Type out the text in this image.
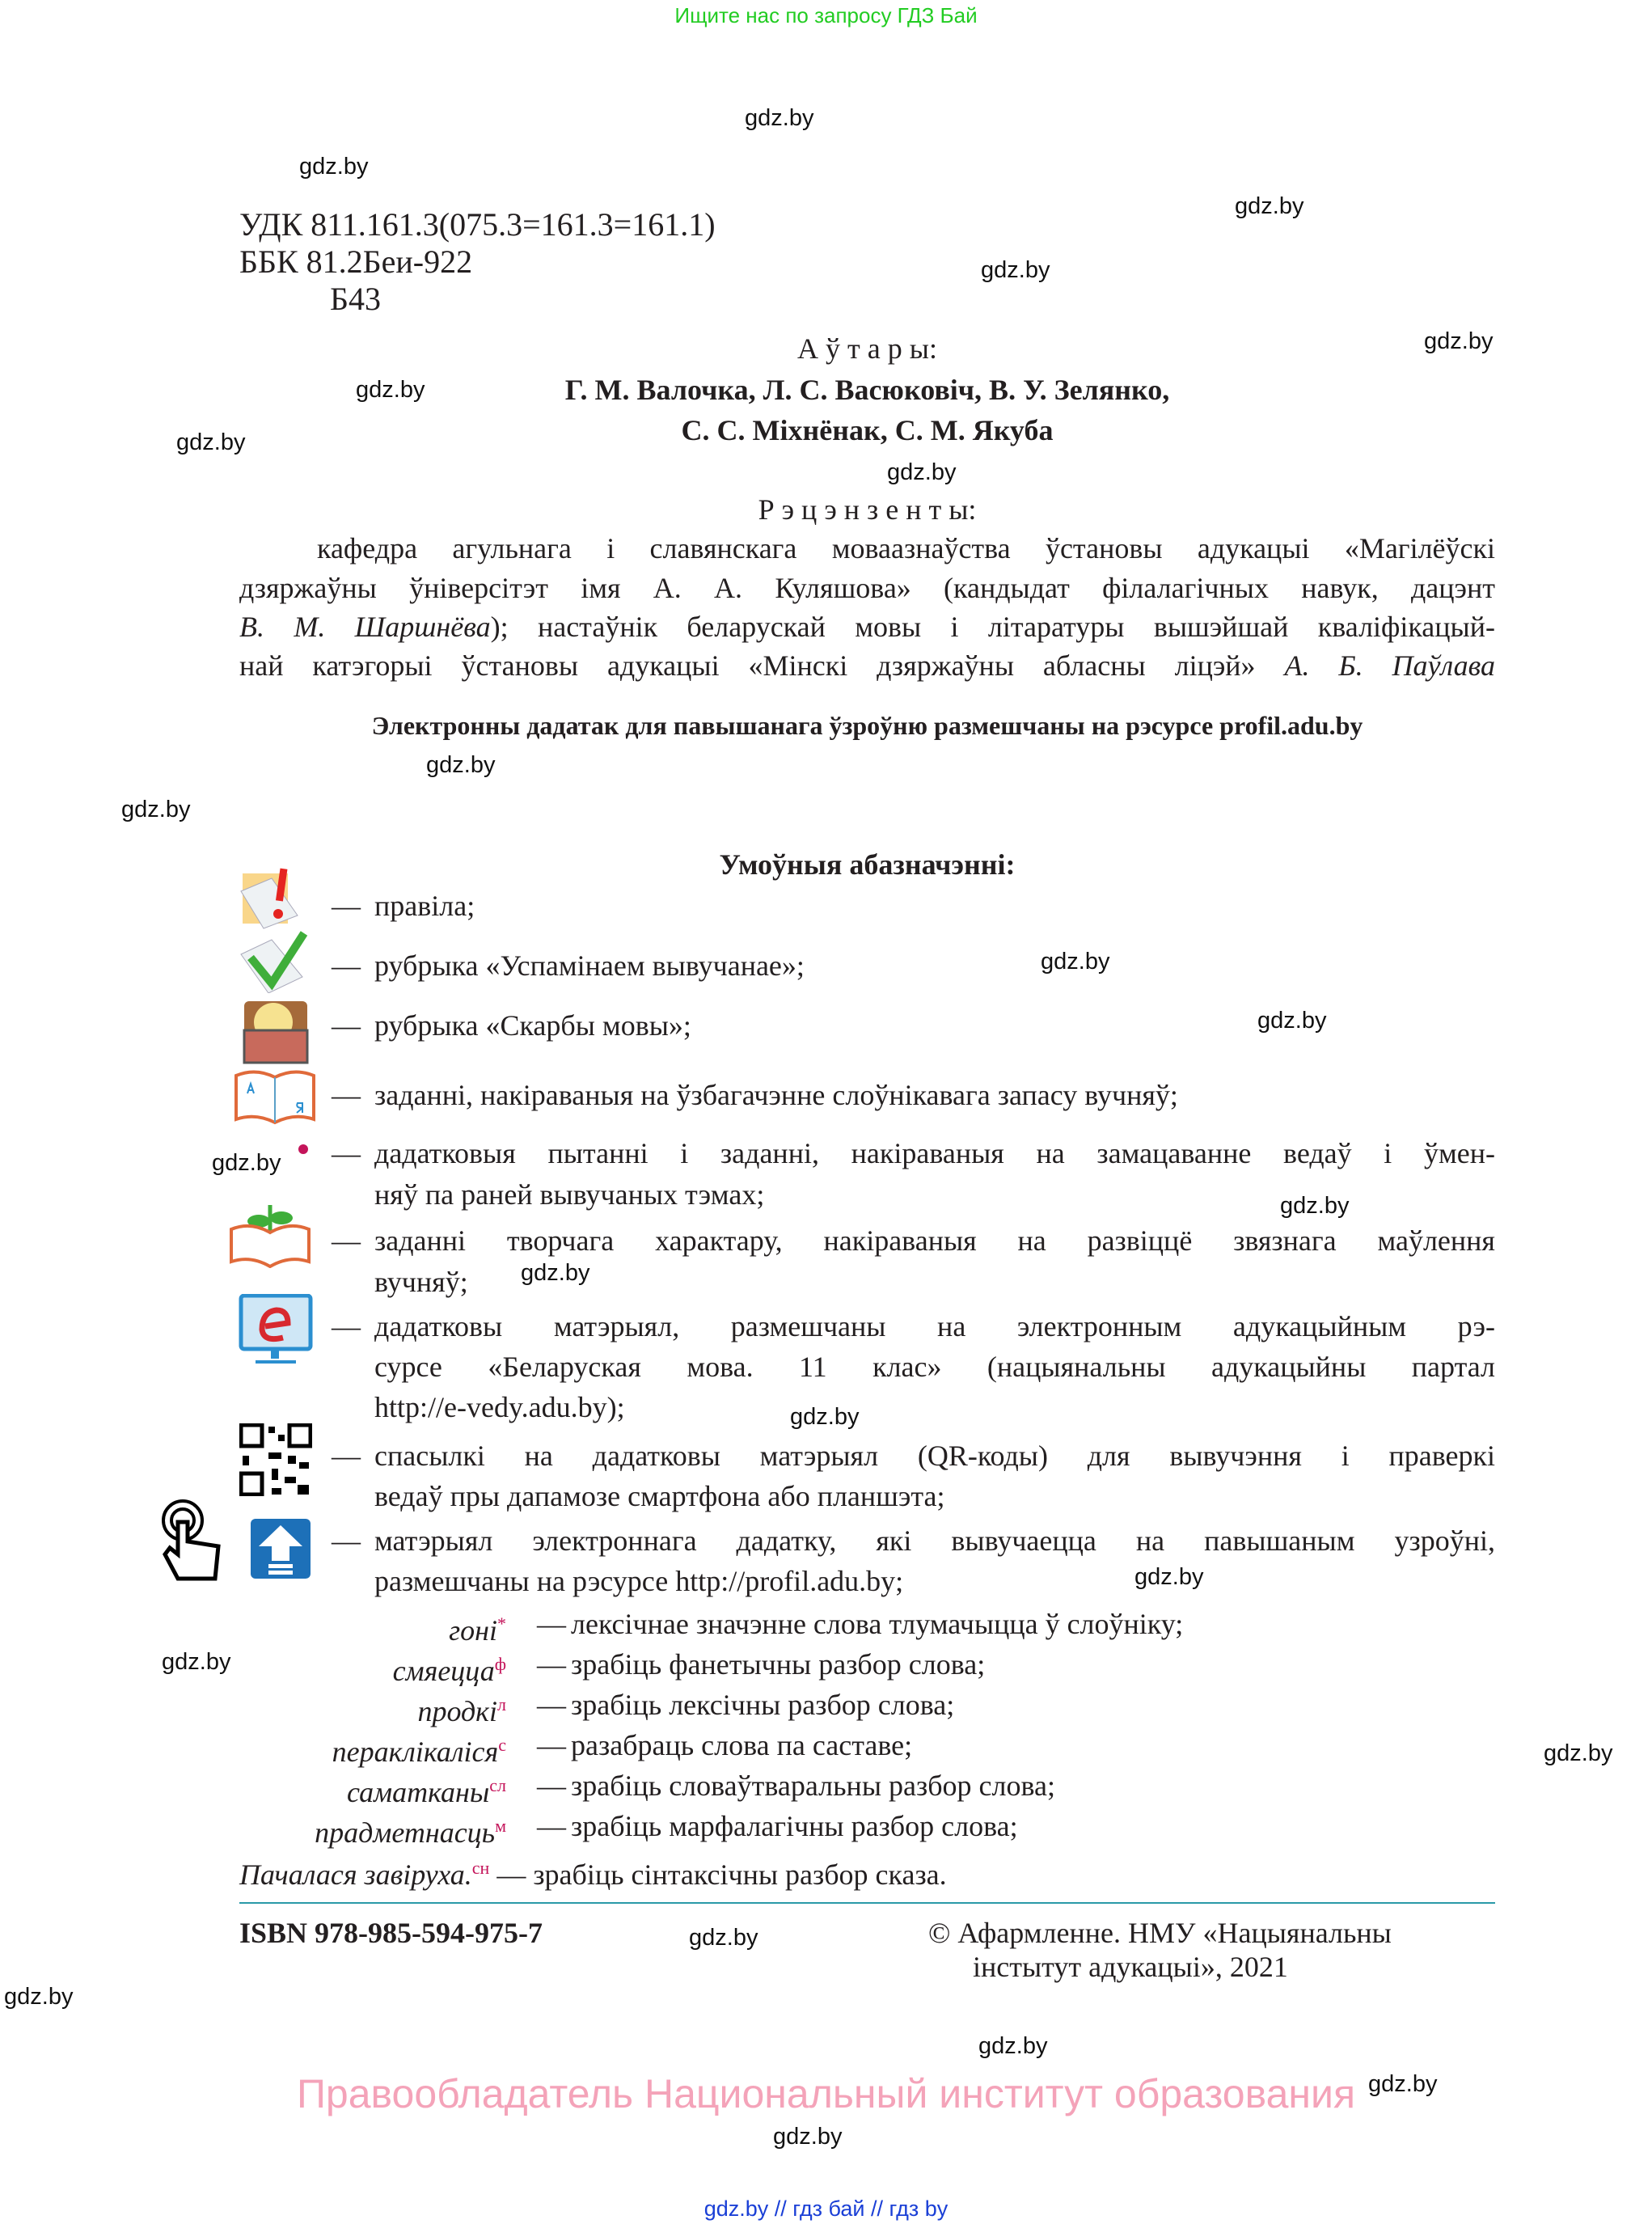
Ищите нас по запросу ГДЗ Бай
gdz.by
gdz.by
gdz.by
gdz.by
gdz.by
gdz.by
gdz.by
gdz.by
gdz.by
gdz.by
gdz.by
gdz.by
gdz.by
gdz.by
gdz.by
gdz.by
gdz.by
gdz.by
gdz.by
gdz.by
gdz.by
gdz.by
gdz.by
gdz.by
УДК 811.161.3(075.3=161.3=161.1)
ББК 81.2Беи-922
Б43
А ў т а р ы:
Г. М. Валочка, Л. С. Васюковіч, В. У. Зелянко,
С. С. Міхнёнак, С. М. Якуба
Р э ц э н з е н т ы:
кафедра агульнага і славянскага моваазнаўства ўстановы адукацыі «Магілёўскі
дзяржаўны ўніверсітэт імя А. А. Куляшова» (кандыдат філалагічных навук, дацэнт
В. М. Шаршнёва); настаўнік беларускай мовы і літаратуры вышэйшай кваліфікацый-
най катэгорыі ўстановы адукацыі «Мінскі дзяржаўны абласны ліцэй» А. Б. Паўлава
Электронны дадатак для павышанага ўзроўню размешчаны на рэсурсе profil.adu.by
Умоўныя абазначэнні:
— правіла;
— рубрыка «Успамінаем вывучанае»;
— рубрыка «Скарбы мовы»;
— заданні, накіраваныя на ўзбагачэнне слоўнікавага запасу вучняў;
— дадатковыя пытанні і заданні, накіраваныя на замацаванне ведаў і ўмен-
няў па раней вывучаных тэмах;
— заданні творчага характару, накіраваныя на развіццё звязнага маўлення
вучняў;
— дадатковы матэрыял, размешчаны на электронным адукацыйным рэ-
сурсе «Беларуская мова. 11 клас» (нацыянальны адукацыйны партал
http://e-vedy.adu.by);
— спасылкі на дадатковы матэрыял (QR-коды) для вывучэння і праверкі
ведаў пры дапамозе смартфона або планшэта;
— матэрыял электроннага дадатку, які вывучаецца на павышаным узроўні,
размешчаны на рэсурсе http://profil.adu.by;
гоні* — лексічнае значэнне слова тлумачыцца ў слоўніку;
смяецца$^ф$ — зрабіць фанетычны разбор слова;
продкі$^л$ — зрабіць лексічны разбор слова;
пераклікаліся$^с$ — разабраць слова па саставе;
саматканы$^{сл}$ — зрабіць словаўтваральны разбор слова;
прадметнасць$^м$ — зрабіць марфалагічны разбор слова;
Пачалася завіруха.$^{сн}$ — зрабіць сінтаксічны разбор сказа.
ISBN 978-985-594-975-7	© Афармленне. НМУ «Нацыянальны
інстытут адукацыі», 2021
Правообладатель Национальный институт образования
gdz.by // гдз бай // гдз by
